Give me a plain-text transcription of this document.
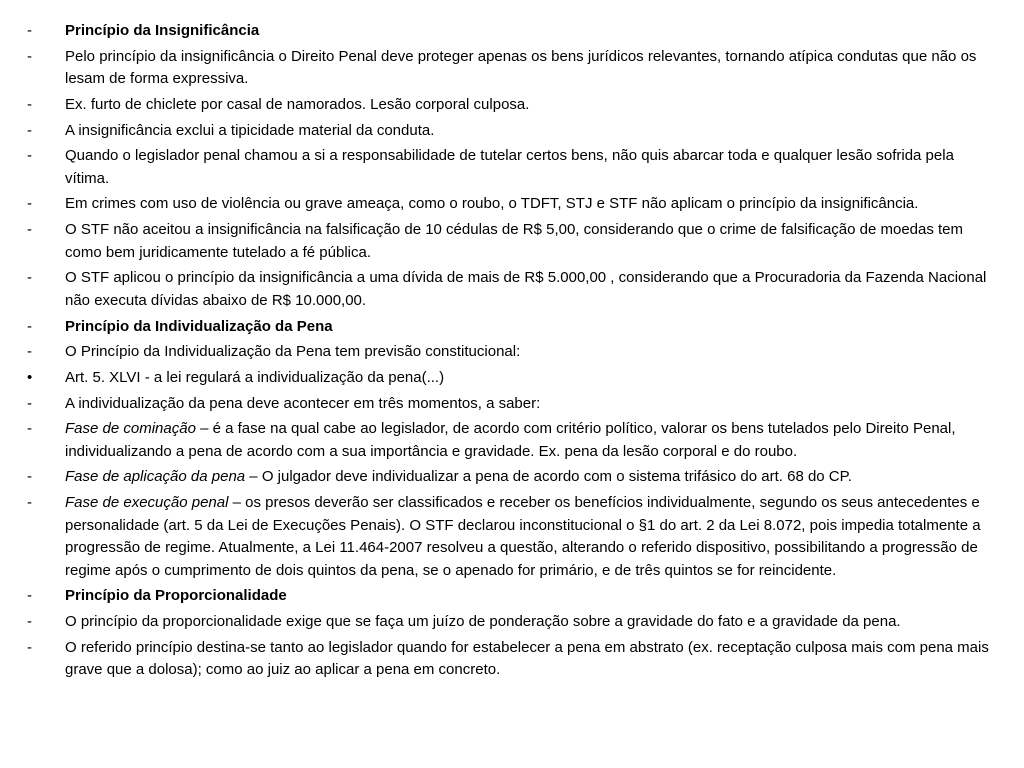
-	Princípio da Insignificância
-	Pelo princípio da insignificância o Direito Penal deve proteger apenas os bens jurídicos relevantes, tornando atípica condutas que não os lesam de forma expressiva.
-	Ex. furto de chiclete por casal de namorados. Lesão corporal culposa.
-	A insignificância exclui a tipicidade material da conduta.
-	Quando o legislador penal chamou a si a responsabilidade de tutelar certos bens, não quis abarcar toda e qualquer lesão sofrida pela vítima.
-	Em crimes com uso de violência ou grave ameaça, como o roubo, o TDFT, STJ e STF não aplicam o princípio da insignificância.
-	O STF não aceitou a insignificância na falsificação de 10 cédulas de R$ 5,00, considerando que o crime de falsificação de moedas tem como bem juridicamente tutelado a fé pública.
-	O STF aplicou o princípio da insignificância a uma dívida de mais de R$ 5.000,00 , considerando que a Procuradoria da Fazenda Nacional não executa dívidas abaixo de R$ 10.000,00.
-	Princípio da Individualização da Pena
-	O Princípio da Individualização da Pena tem previsão constitucional:
•	Art. 5. XLVI - a lei regulará a individualização da pena(...)
-	A individualização da pena deve acontecer em três momentos, a saber:
-	Fase de cominação – é a fase na qual cabe ao legislador, de acordo com critério político, valorar os bens tutelados pelo Direito Penal, individualizando a pena de acordo com a sua importância e gravidade. Ex. pena da lesão corporal e do roubo.
-	Fase de aplicação da pena – O julgador deve individualizar a pena de acordo com o sistema trifásico do art. 68 do CP.
-	Fase de execução penal – os presos deverão ser classificados e receber os benefícios individualmente, segundo os seus antecedentes e personalidade (art. 5 da Lei de Execuções Penais). O STF declarou inconstitucional o §1 do art. 2 da Lei 8.072, pois impedia totalmente a progressão de regime. Atualmente, a Lei 11.464-2007 resolveu a questão, alterando o referido dispositivo, possibilitando a progressão de regime após o cumprimento de dois quintos da pena, se o apenado for primário, e de três quintos se for reincidente.
-	Princípio da Proporcionalidade
-	O princípio da proporcionalidade exige que se faça um juízo de ponderação sobre a gravidade do fato e a gravidade da pena.
-	O referido princípio destina-se tanto ao legislador quando for estabelecer a pena em abstrato (ex. receptação culposa mais com pena mais grave que a dolosa); como ao juiz ao aplicar a pena em concreto.
